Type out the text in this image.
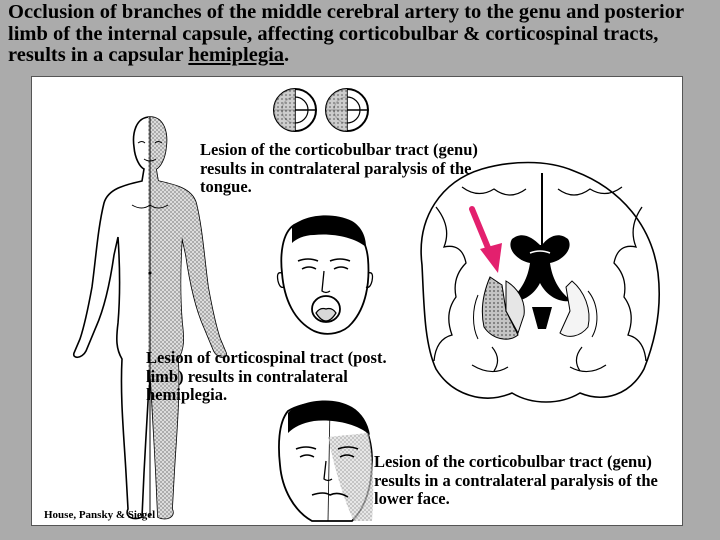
Occlusion of branches of the middle cerebral artery to the genu and posterior limb of the internal capsule, affecting corticobulbar & corticospinal tracts, results in a capsular hemiplegia.
Lesion of the corticobulbar tract (genu) results in contralateral paralysis of the tongue.
Lesion of corticospinal tract (post. limb) results in contralateral hemiplegia.
Lesion of the corticobulbar tract (genu) results in a contralateral paralysis of the lower face.
House, Pansky & Siegel
